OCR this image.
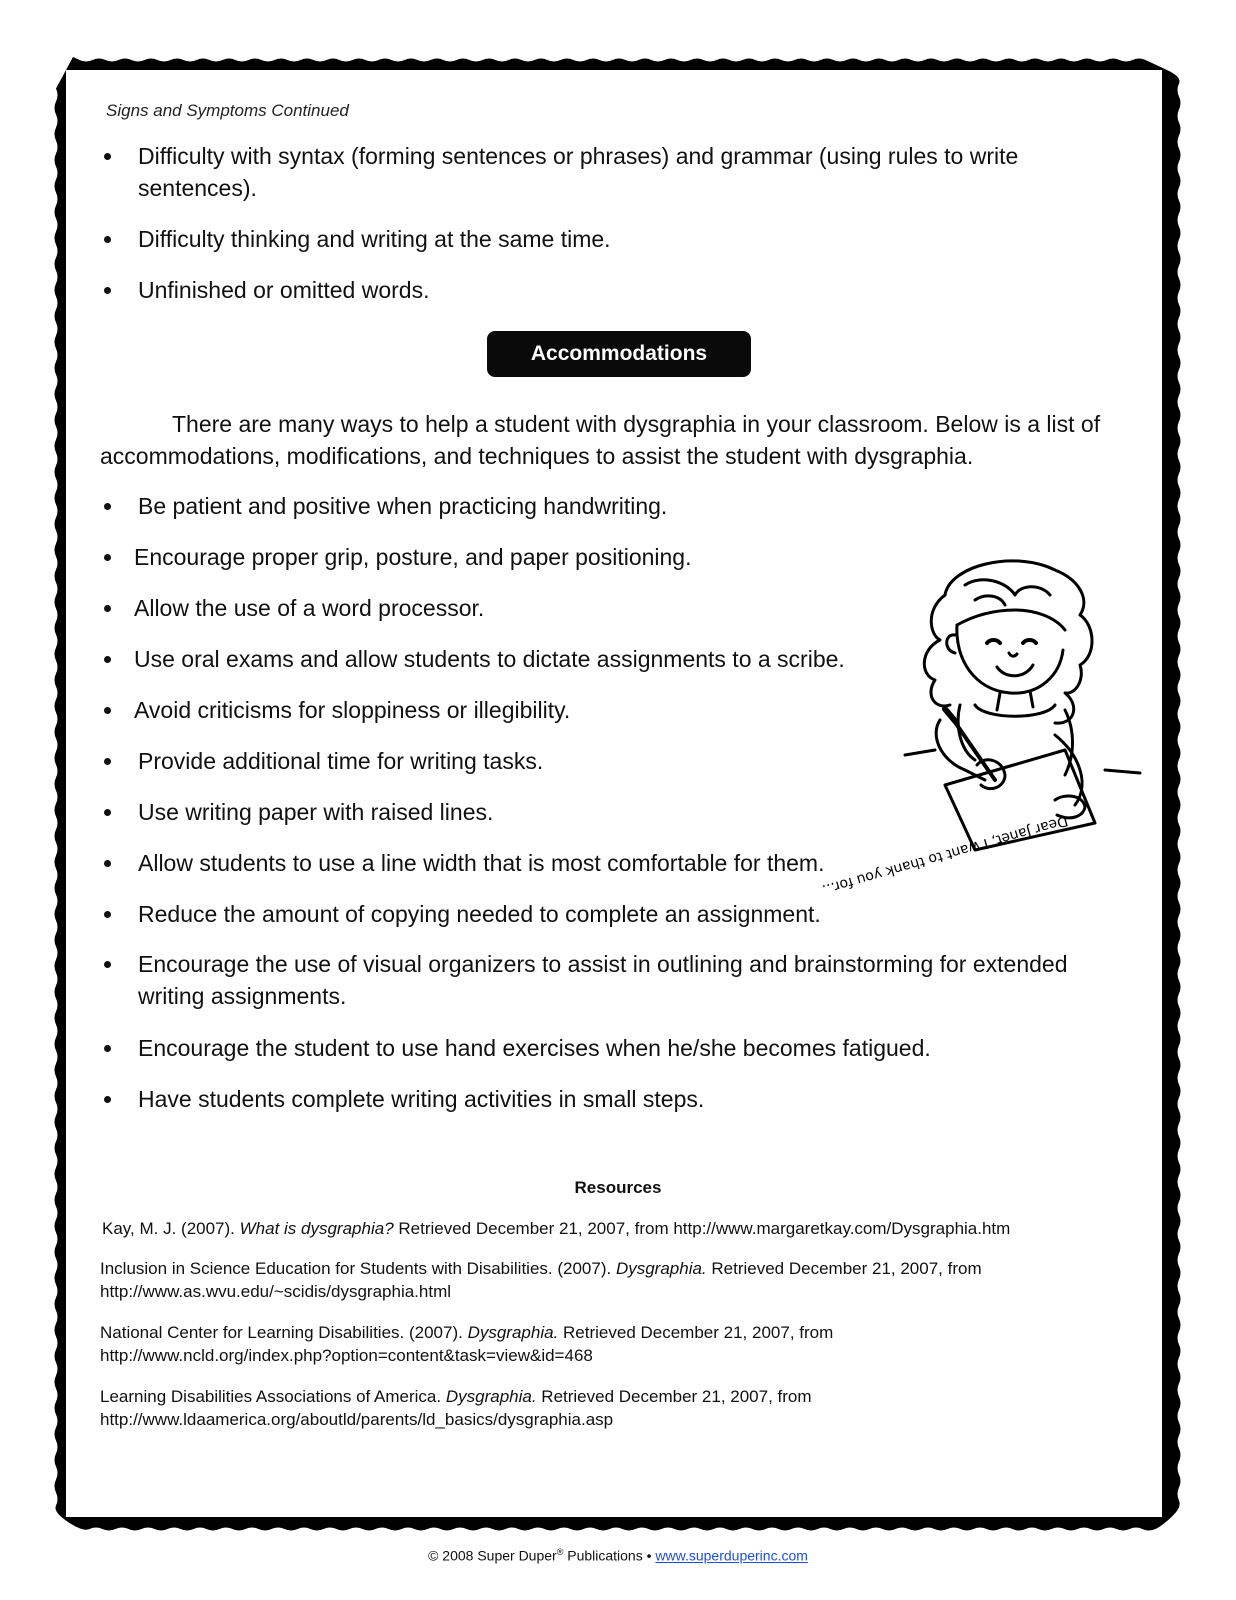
Signs and Symptoms Continued
Difficulty with syntax (forming sentences or phrases) and grammar (using rules to write sentences).
Difficulty thinking and writing at the same time.
Unfinished or omitted words.
Accommodations
There are many ways to help a student with dysgraphia in your classroom. Below is a list of accommodations, modifications, and techniques to assist the student with dysgraphia.
Be patient and positive when practicing handwriting.
Encourage proper grip, posture, and paper positioning.
Allow the use of a word processor.
Use oral exams and allow students to dictate assignments to a scribe.
Avoid criticisms for sloppiness or illegibility.
Provide additional time for writing tasks.
Use writing paper with raised lines.
Allow students to use a line width that is most comfortable for them.
Reduce the amount of copying needed to complete an assignment.
Encourage the use of visual organizers to assist in outlining and brainstorming for extended writing assignments.
Encourage the student to use hand exercises when he/she becomes fatigued.
Have students complete writing activities in small steps.
Dear Janet, I want to thank you for...
Resources
Kay, M. J. (2007). What is dysgraphia? Retrieved December 21, 2007, from http://www.margaretkay.com/Dysgraphia.htm
Inclusion in Science Education for Students with Disabilities. (2007). Dysgraphia. Retrieved December 21, 2007, from http://www.as.wvu.edu/~scidis/dysgraphia.html
National Center for Learning Disabilities. (2007). Dysgraphia. Retrieved December 21, 2007, from http://www.ncld.org/index.php?option=content&task=view&id=468
Learning Disabilities Associations of America. Dysgraphia. Retrieved December 21, 2007, from http://www.ldaamerica.org/aboutld/parents/ld_basics/dysgraphia.asp
© 2008 Super Duper® Publications • www.superduperinc.com
